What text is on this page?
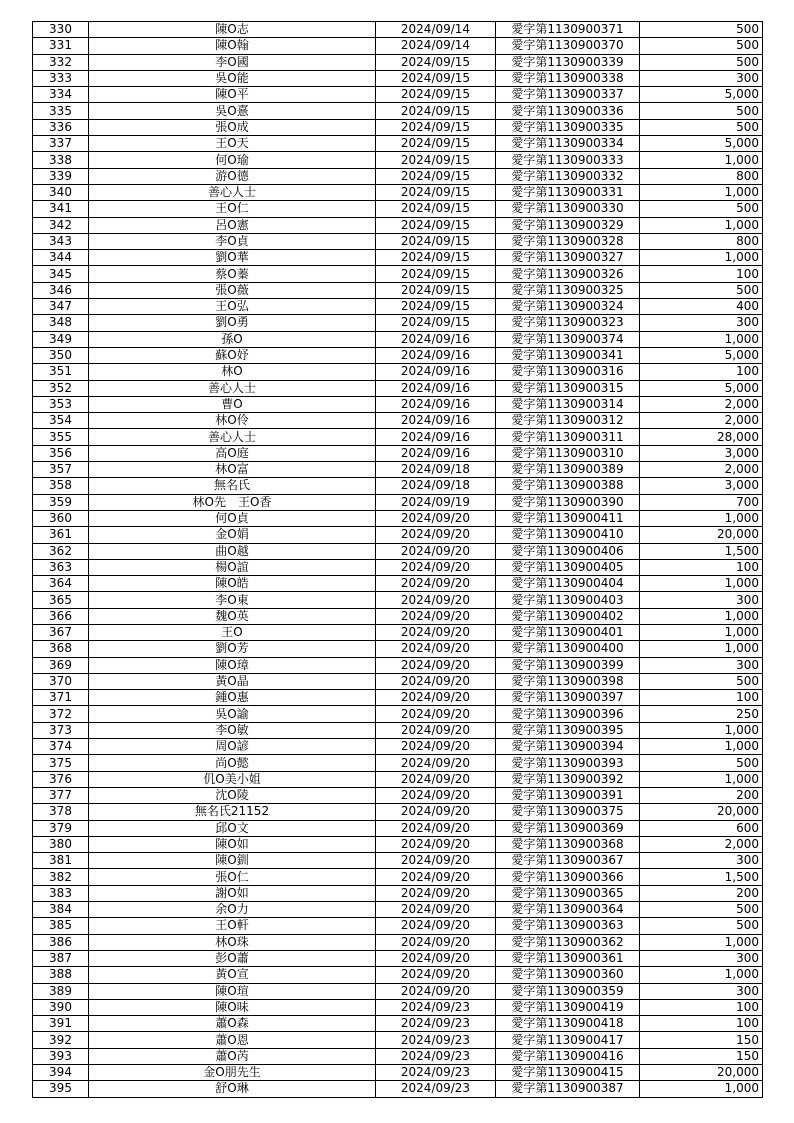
330	陳O志	2024/09/14	愛字第1130900371	500
331	陳O翰	2024/09/14	愛字第1130900370	500
332	李O國	2024/09/15	愛字第1130900339	500
333	吳O能	2024/09/15	愛字第1130900338	300
334	陳O平	2024/09/15	愛字第1130900337	5,000
335	吳O憙	2024/09/15	愛字第1130900336	500
336	張O成	2024/09/15	愛字第1130900335	500
337	王O天	2024/09/15	愛字第1130900334	5,000
338	何O瑜	2024/09/15	愛字第1130900333	1,000
339	游O德	2024/09/15	愛字第1130900332	800
340	善心人士	2024/09/15	愛字第1130900331	1,000
341	王O仁	2024/09/15	愛字第1130900330	500
342	呂O憲	2024/09/15	愛字第1130900329	1,000
343	李O貞	2024/09/15	愛字第1130900328	800
344	劉O華	2024/09/15	愛字第1130900327	1,000
345	蔡O蓁	2024/09/15	愛字第1130900326	100
346	張O薇	2024/09/15	愛字第1130900325	500
347	王O弘	2024/09/15	愛字第1130900324	400
348	劉O勇	2024/09/15	愛字第1130900323	300
349	孫O	2024/09/16	愛字第1130900374	1,000
350	蘇O妤	2024/09/16	愛字第1130900341	5,000
351	林O	2024/09/16	愛字第1130900316	100
352	善心人士	2024/09/16	愛字第1130900315	5,000
353	曹O	2024/09/16	愛字第1130900314	2,000
354	林O伶	2024/09/16	愛字第1130900312	2,000
355	善心人士	2024/09/16	愛字第1130900311	28,000
356	高O庭	2024/09/16	愛字第1130900310	3,000
357	林O富	2024/09/18	愛字第1130900389	2,000
358	無名氏	2024/09/18	愛字第1130900388	3,000
359	林O先　王O香	2024/09/19	愛字第1130900390	700
360	何O貞	2024/09/20	愛字第1130900411	1,000
361	金O娟	2024/09/20	愛字第1130900410	20,000
362	曲O越	2024/09/20	愛字第1130900406	1,500
363	楊O誼	2024/09/20	愛字第1130900405	100
364	陳O皓	2024/09/20	愛字第1130900404	1,000
365	李O東	2024/09/20	愛字第1130900403	300
366	魏O英	2024/09/20	愛字第1130900402	1,000
367	王O	2024/09/20	愛字第1130900401	1,000
368	劉O芳	2024/09/20	愛字第1130900400	1,000
369	陳O璋	2024/09/20	愛字第1130900399	300
370	黃O晶	2024/09/20	愛字第1130900398	500
371	鍾O惠	2024/09/20	愛字第1130900397	100
372	吳O諭	2024/09/20	愛字第1130900396	250
373	李O敏	2024/09/20	愛字第1130900395	1,000
374	周O諺	2024/09/20	愛字第1130900394	1,000
375	尚O懿	2024/09/20	愛字第1130900393	500
376	仉O美小姐	2024/09/20	愛字第1130900392	1,000
377	沈O陵	2024/09/20	愛字第1130900391	200
378	無名氏21152	2024/09/20	愛字第1130900375	20,000
379	邱O文	2024/09/20	愛字第1130900369	600
380	陳O如	2024/09/20	愛字第1130900368	2,000
381	陳O釧	2024/09/20	愛字第1130900367	300
382	張O仁	2024/09/20	愛字第1130900366	1,500
383	謝O如	2024/09/20	愛字第1130900365	200
384	余O力	2024/09/20	愛字第1130900364	500
385	王O軒	2024/09/20	愛字第1130900363	500
386	林O珠	2024/09/20	愛字第1130900362	1,000
387	彭O蕭	2024/09/20	愛字第1130900361	300
388	黃O宣	2024/09/20	愛字第1130900360	1,000
389	陳O瑄	2024/09/20	愛字第1130900359	300
390	陳O味	2024/09/23	愛字第1130900419	100
391	蕭O森	2024/09/23	愛字第1130900418	100
392	蕭O恩	2024/09/23	愛字第1130900417	150
393	蕭O芮	2024/09/23	愛字第1130900416	150
394	金O朋先生	2024/09/23	愛字第1130900415	20,000
395	舒O琳	2024/09/23	愛字第1130900387	1,000
